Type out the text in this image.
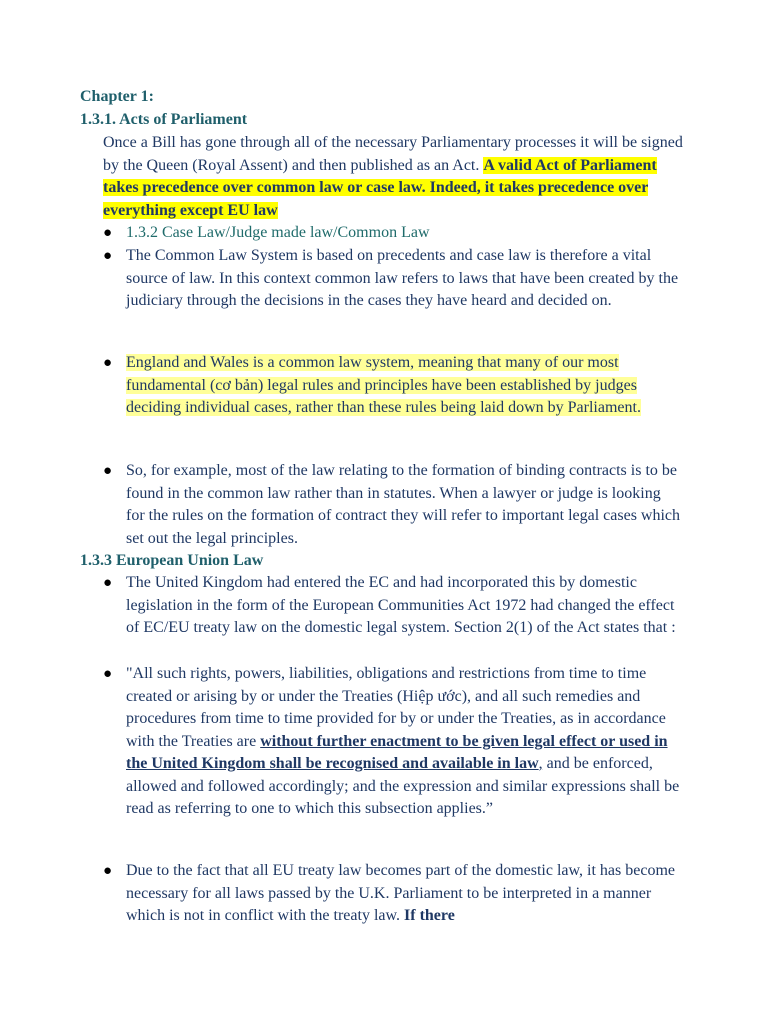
Chapter 1:

1.3.1. Acts of Parliament

Once a Bill has gone through all of the necessary Parliamentary processes it will be signed by the Queen (Royal Assent) and then published as an Act. A valid Act of Parliament takes precedence over common law or case law. Indeed, it takes precedence over everything except EU law

● 1.3.2 Case Law/Judge made law/Common Law

● The Common Law System is based on precedents and case law is therefore a vital source of law. In this context common law refers to laws that have been created by the judiciary through the decisions in the cases they have heard and decided on.

● England and Wales is a common law system, meaning that many of our most fundamental (cơ bản) legal rules and principles have been established by judges deciding individual cases, rather than these rules being laid down by Parliament.

● So, for example, most of the law relating to the formation of binding contracts is to be found in the common law rather than in statutes. When a lawyer or judge is looking for the rules on the formation of contract they will refer to important legal cases which set out the legal principles.

1.3.3 European Union Law

● The United Kingdom had entered the EC and had incorporated this by domestic legislation in the form of the European Communities Act 1972 had changed the effect of EC/EU treaty law on the domestic legal system. Section 2(1) of the Act states that :

● "All such rights, powers, liabilities, obligations and restrictions from time to time created or arising by or under the Treaties (Hiệp ước), and all such remedies and procedures from time to time provided for by or under the Treaties, as in accordance with the Treaties are without further enactment to be given legal effect or used in the United Kingdom shall be recognised and available in law, and be enforced, allowed and followed accordingly; and the expression and similar expressions shall be read as referring to one to which this subsection applies.”

● Due to the fact that all EU treaty law becomes part of the domestic law, it has become necessary for all laws passed by the U.K. Parliament to be interpreted in a manner which is not in conflict with the treaty law. If there
